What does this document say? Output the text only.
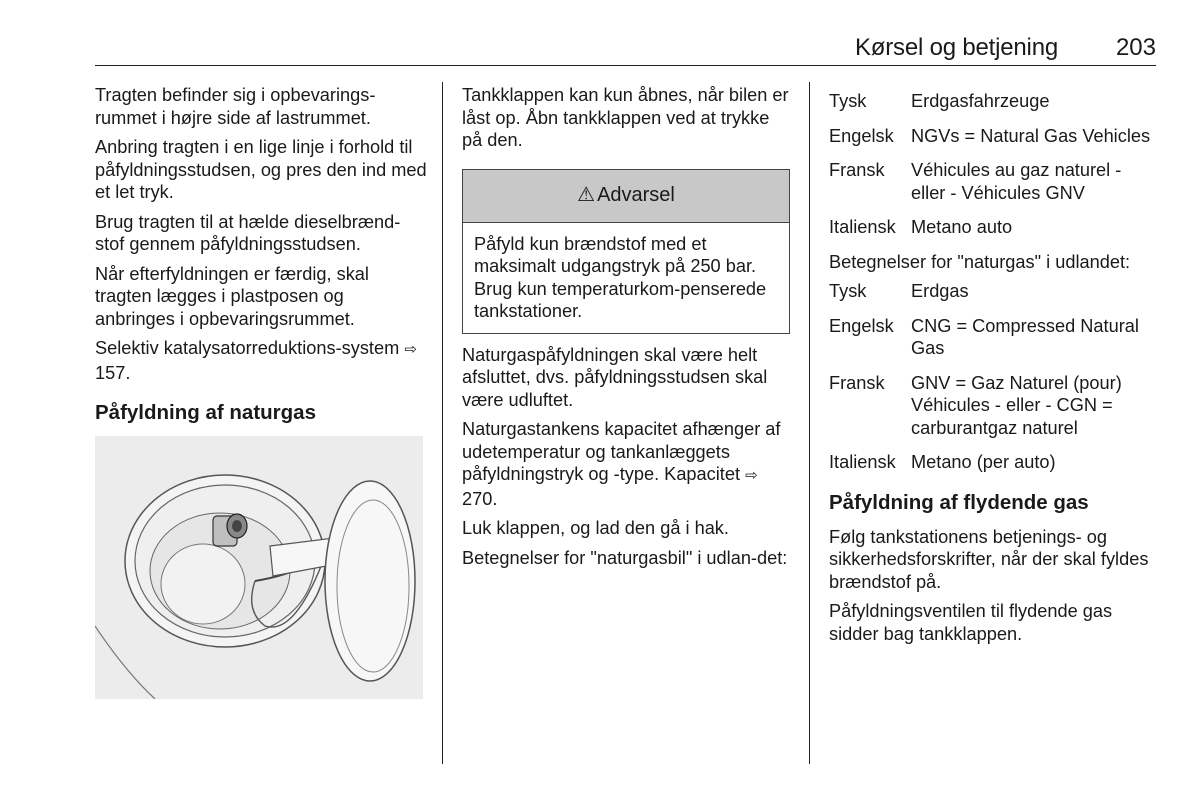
Kørsel og betjening 203

Tragten befinder sig i opbevarings-rummet i højre side af lastrummet.

Anbring tragten i en lige linje i forhold til påfyldningsstudsen, og pres den ind med et let tryk.

Brug tragten til at hælde dieselbrænd-stof gennem påfyldningsstudsen.

Når efterfyldningen er færdig, skal tragten lægges i plastposen og anbringes i opbevaringsrummet.

Selektiv katalysatorreduktions-system ⇨ 157.

Påfyldning af naturgas

Tankklappen kan kun åbnes, når bilen er låst op. Åbn tankklappen ved at trykke på den.

⚠ Advarsel
Påfyld kun brændstof med et maksimalt udgangstryk på 250 bar. Brug kun temperaturkom-penserede tankstationer.

Naturgaspåfyldningen skal være helt afsluttet, dvs. påfyldningsstudsen skal være udluftet.

Naturgastankens kapacitet afhænger af udetemperatur og tankanlæggets påfyldningstryk og -type. Kapacitet ⇨ 270.

Luk klappen, og lad den gå i hak.

Betegnelser for "naturgasbil" i udlan-det:

Tysk	Erdgasfahrzeuge
Engelsk	NGVs = Natural Gas Vehicles
Fransk	Véhicules au gaz naturel - eller - Véhicules GNV
Italiensk	Metano auto

Betegnelser for "naturgas" i udlandet:

Tysk	Erdgas
Engelsk	CNG = Compressed Natural Gas
Fransk	GNV = Gaz Naturel (pour) Véhicules - eller - CGN = carburantgaz naturel
Italiensk	Metano (per auto)
Påfyldning af flydende gas

Følg tankstationens betjenings- og sikkerhedsforskrifter, når der skal fyldes brændstof på.

Påfyldningsventilen til flydende gas sidder bag tankklappen.
